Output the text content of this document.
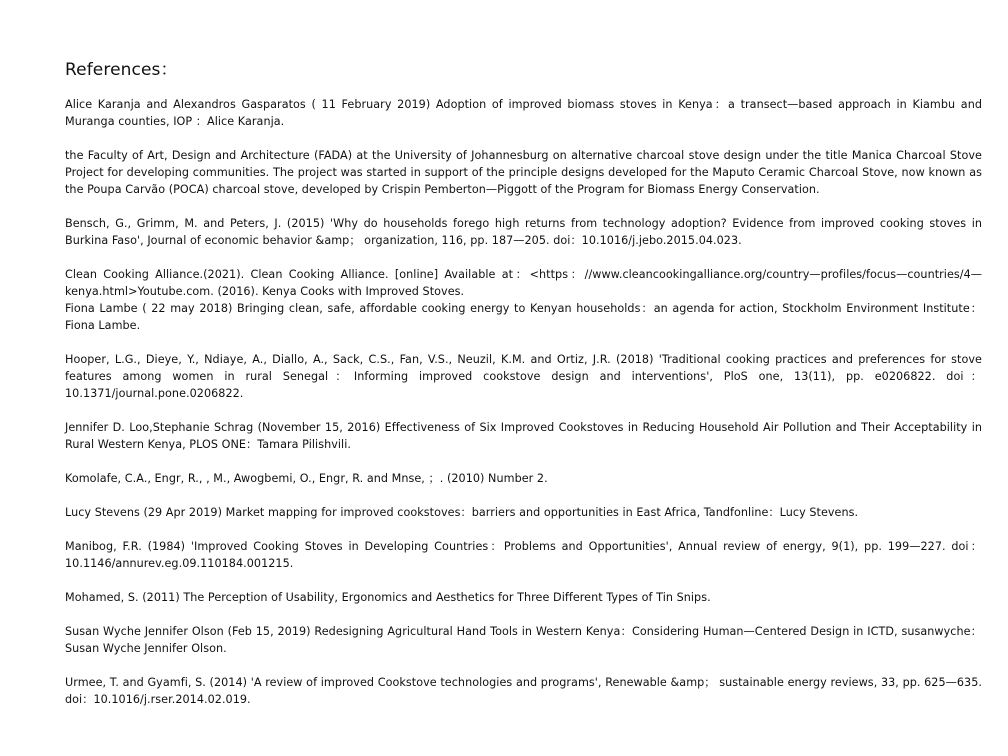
References：

Alice Karanja and Alexandros Gasparatos ( 11 February 2019) Adoption of improved biomass stoves in Kenya：a transect—based approach in Kiambu and Muranga counties, IOP ：Alice Karanja.

the Faculty of Art, Design and Architecture (FADA) at the University of Johannesburg on alternative charcoal stove design under the title Manica Charcoal Stove Project for developing communities. The project was started in support of the principle designs developed for the Maputo Ceramic Charcoal Stove, now known as the Poupa Carvão (POCA) charcoal stove, developed by Crispin Pemberton—Piggott of the Program for Biomass Energy Conservation.

Bensch, G., Grimm, M. and Peters, J. (2015) 'Why do households forego high returns from technology adoption? Evidence from improved cooking stoves in Burkina Faso', Journal of economic behavior &amp； organization, 116, pp. 187—205. doi：10.1016/j.jebo.2015.04.023.

Clean Cooking Alliance.(2021). Clean Cooking Alliance. [online] Available at：<https：//www.cleancookingalliance.org/country—profiles/focus—countries/4—kenya.html>Youtube.com. (2016). Kenya Cooks with Improved Stoves.

Fiona Lambe ( 22 may 2018) Bringing clean, safe, affordable cooking energy to Kenyan households：an agenda for action, Stockholm Environment Institute：Fiona Lambe.

Hooper, L.G., Dieye, Y., Ndiaye, A., Diallo, A., Sack, C.S., Fan, V.S., Neuzil, K.M. and Ortiz, J.R. (2018) 'Traditional cooking practices and preferences for stove features among women in rural Senegal：Informing improved cookstove design and interventions', PloS one, 13(11), pp. e0206822. doi：10.1371/journal.pone.0206822.

Jennifer D. Loo,Stephanie Schrag (November 15, 2016) Effectiveness of Six Improved Cookstoves in Reducing Household Air Pollution and Their Acceptability in Rural Western Kenya, PLOS ONE：Tamara Pilishvili.

Komolafe, C.A., Engr, R., , M., Awogbemi, O., Engr, R. and Mnse, ；. (2010) Number 2.

Lucy Stevens (29 Apr 2019) Market mapping for improved cookstoves：barriers and opportunities in East Africa, Tandfonline：Lucy Stevens.

Manibog, F.R. (1984) 'Improved Cooking Stoves in Developing Countries：Problems and Opportunities', Annual review of energy, 9(1), pp. 199—227. doi：10.1146/annurev.eg.09.110184.001215.

Mohamed, S. (2011) The Perception of Usability, Ergonomics and Aesthetics for Three Different Types of Tin Snips.

Susan Wyche Jennifer Olson (Feb 15, 2019) Redesigning Agricultural Hand Tools in Western Kenya：Considering Human—Centered Design in ICTD, susanwyche：Susan Wyche Jennifer Olson.

Urmee, T. and Gyamfi, S. (2014) 'A review of improved Cookstove technologies and programs', Renewable &amp； sustainable energy reviews, 33, pp. 625—635. doi：10.1016/j.rser.2014.02.019.
